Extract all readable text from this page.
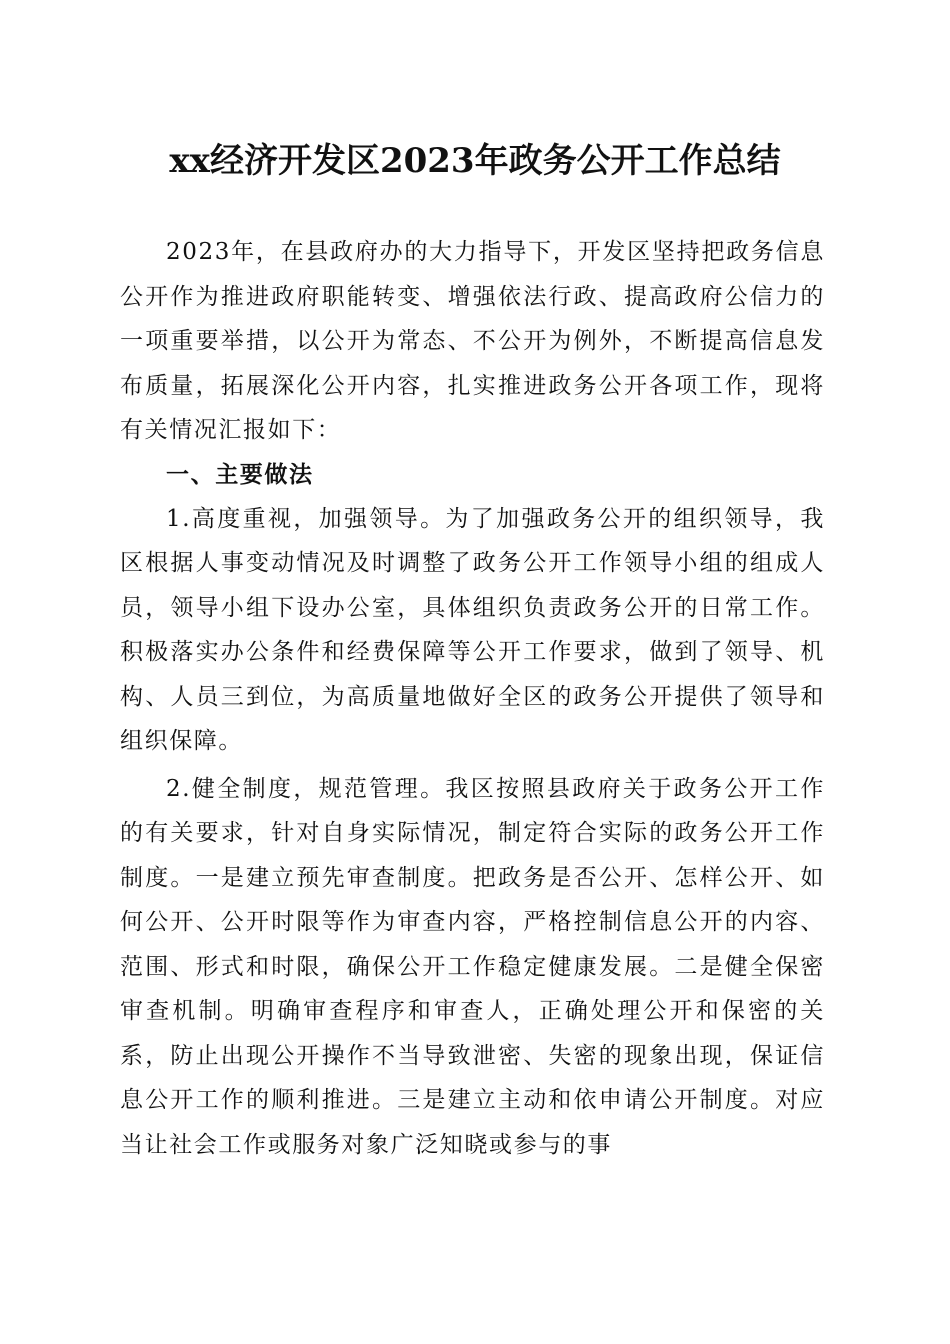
xx经济开发区2023年政务公开工作总结

2023年，在县政府办的大力指导下，开发区坚持把政务信息公开作为推进政府职能转变、增强依法行政、提高政府公信力的一项重要举措，以公开为常态、不公开为例外，不断提高信息发布质量，拓展深化公开内容，扎实推进政务公开各项工作，现将有关情况汇报如下：

一、主要做法

1.高度重视，加强领导。为了加强政务公开的组织领导，我区根据人事变动情况及时调整了政务公开工作领导小组的组成人员，领导小组下设办公室，具体组织负责政务公开的日常工作。积极落实办公条件和经费保障等公开工作要求，做到了领导、机构、人员三到位，为高质量地做好全区的政务公开提供了领导和组织保障。

2.健全制度，规范管理。我区按照县政府关于政务公开工作的有关要求，针对自身实际情况，制定符合实际的政务公开工作制度。一是建立预先审查制度。把政务是否公开、怎样公开、如何公开、公开时限等作为审查内容，严格控制信息公开的内容、范围、形式和时限，确保公开工作稳定健康发展。二是健全保密审查机制。明确审查程序和审查人，正确处理公开和保密的关系，防止出现公开操作不当导致泄密、失密的现象出现，保证信息公开工作的顺利推进。三是建立主动和依申请公开制度。对应当让社会工作或服务对象广泛知晓或参与的事
